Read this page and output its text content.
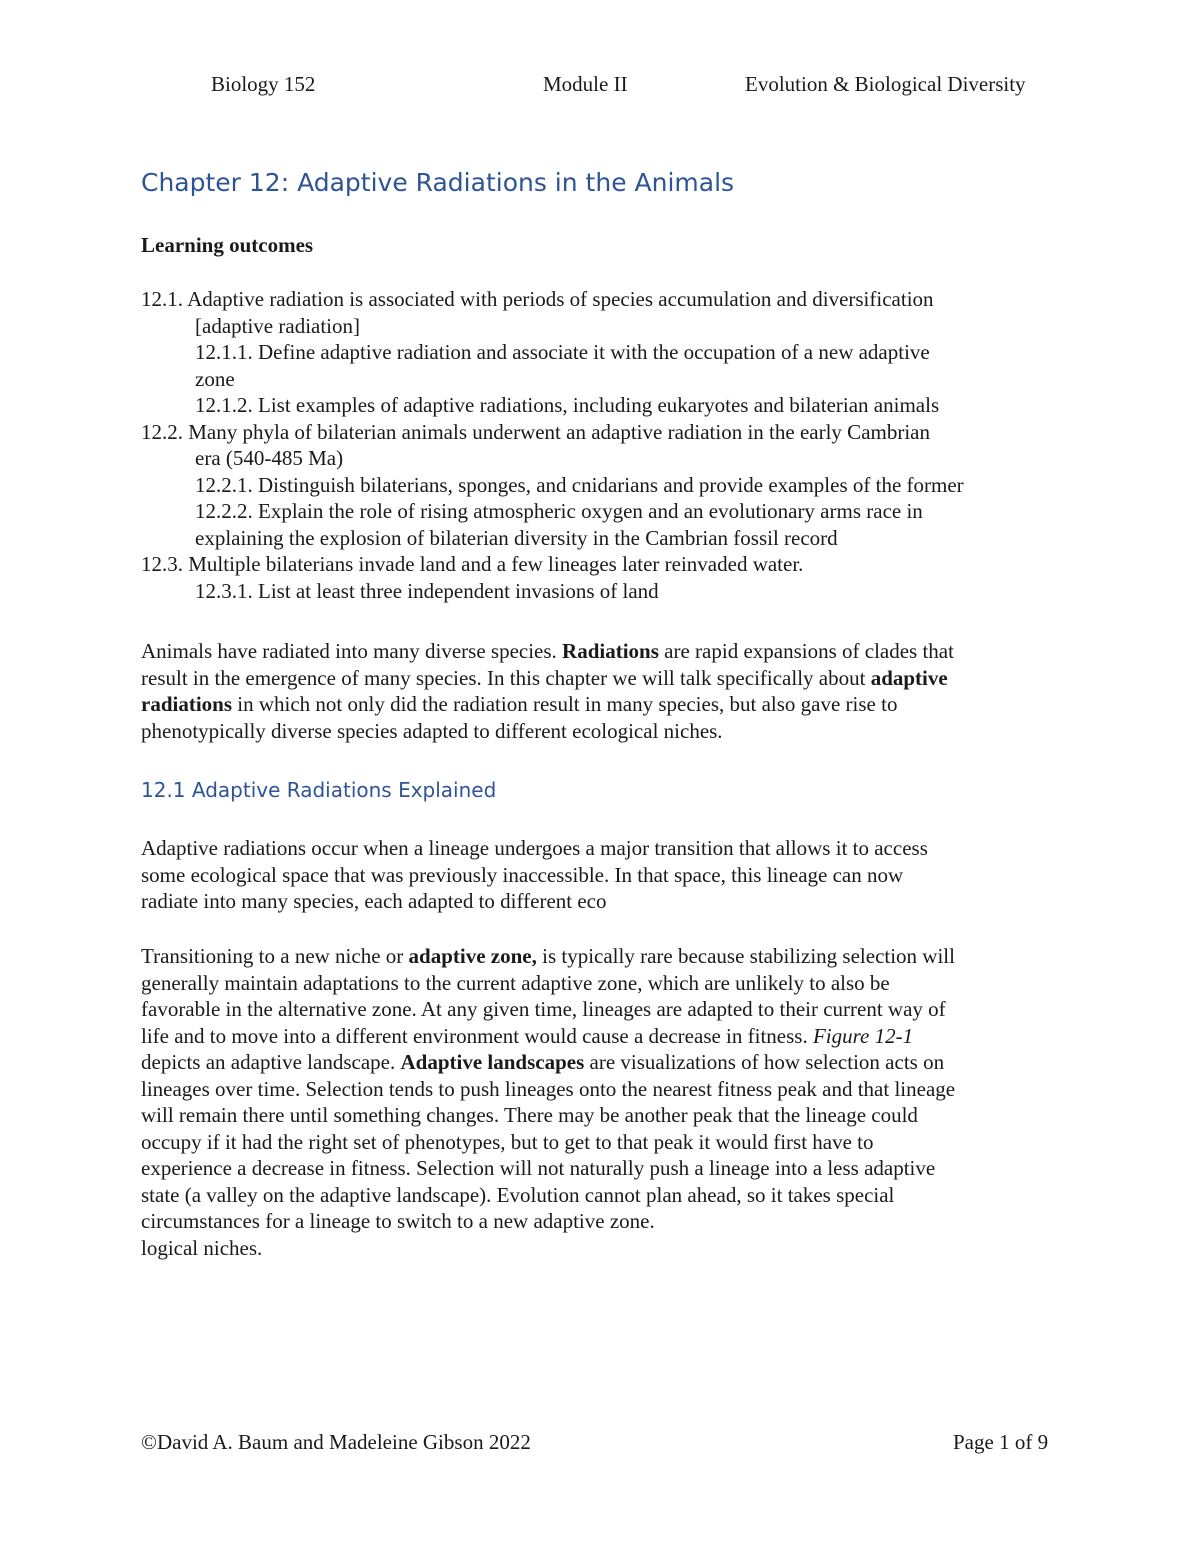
Biology 152	Module II	Evolution & Biological Diversity
Chapter 12: Adaptive Radiations in the Animals
Learning outcomes
12.1. Adaptive radiation is associated with periods of species accumulation and diversification
[adaptive radiation]
12.1.1. Define adaptive radiation and associate it with the occupation of a new adaptive
zone
12.1.2. List examples of adaptive radiations, including eukaryotes and bilaterian animals
12.2. Many phyla of bilaterian animals underwent an adaptive radiation in the early Cambrian
era (540-485 Ma)
12.2.1. Distinguish bilaterians, sponges, and cnidarians and provide examples of the former
12.2.2. Explain the role of rising atmospheric oxygen and an evolutionary arms race in
explaining the explosion of bilaterian diversity in the Cambrian fossil record
12.3. Multiple bilaterians invade land and a few lineages later reinvaded water.
12.3.1. List at least three independent invasions of land
Animals have radiated into many diverse species. Radiations are rapid expansions of clades that
result in the emergence of many species. In this chapter we will talk specifically about adaptive
radiations in which not only did the radiation result in many species, but also gave rise to
phenotypically diverse species adapted to different ecological niches.
12.1 Adaptive Radiations Explained
Adaptive radiations occur when a lineage undergoes a major transition that allows it to access
some ecological space that was previously inaccessible. In that space, this lineage can now
radiate into many species, each adapted to different eco
Transitioning to a new niche or adaptive zone, is typically rare because stabilizing selection will
generally maintain adaptations to the current adaptive zone, which are unlikely to also be
favorable in the alternative zone. At any given time, lineages are adapted to their current way of
life and to move into a different environment would cause a decrease in fitness. Figure 12-1
depicts an adaptive landscape. Adaptive landscapes are visualizations of how selection acts on
lineages over time. Selection tends to push lineages onto the nearest fitness peak and that lineage
will remain there until something changes. There may be another peak that the lineage could
occupy if it had the right set of phenotypes, but to get to that peak it would first have to
experience a decrease in fitness. Selection will not naturally push a lineage into a less adaptive
state (a valley on the adaptive landscape). Evolution cannot plan ahead, so it takes special
circumstances for a lineage to switch to a new adaptive zone.
logical niches.
©David A. Baum and Madeleine Gibson 2022	Page 1 of 9
